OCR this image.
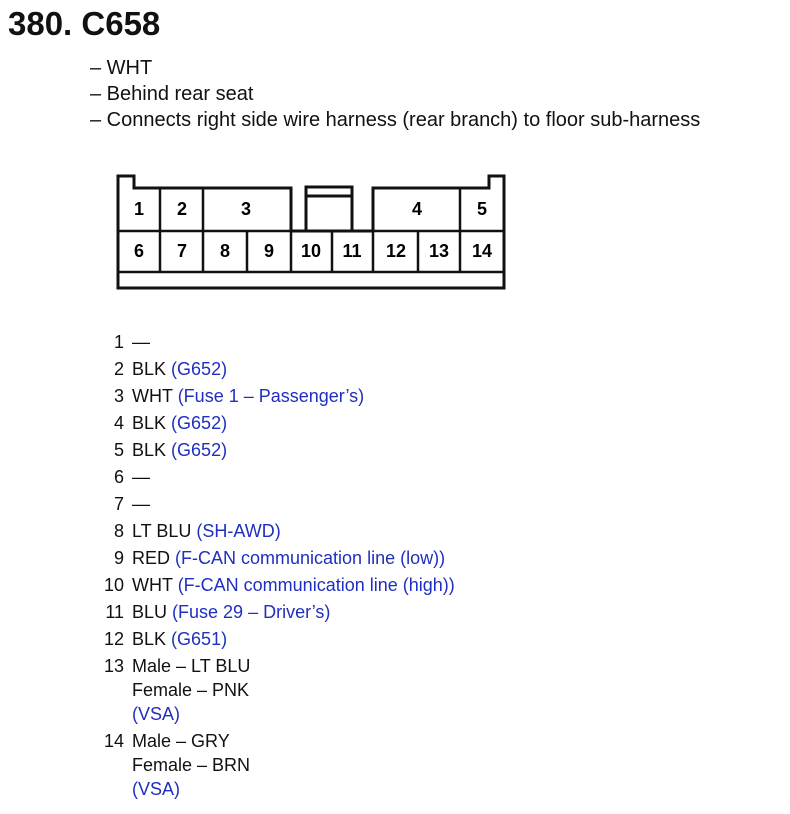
380. C658
– WHT
– Behind rear seat
– Connects right side wire harness (rear branch) to floor sub-harness
1 2	3	4	5
6 7 8 9 10 11 12 13 14
1 —
2 BLK (G652)
3 WHT (Fuse 1 – Passenger’s)
4 BLK (G652)
5 BLK (G652)
6 —
7 —
8 LT BLU (SH-AWD)
9 RED (F-CAN communication line (low))
10 WHT (F-CAN communication line (high))
11 BLU (Fuse 29 – Driver’s)
12 BLK (G651)
13 Male – LT BLU
Female – PNK
(VSA)
14 Male – GRY
Female – BRN
(VSA)
